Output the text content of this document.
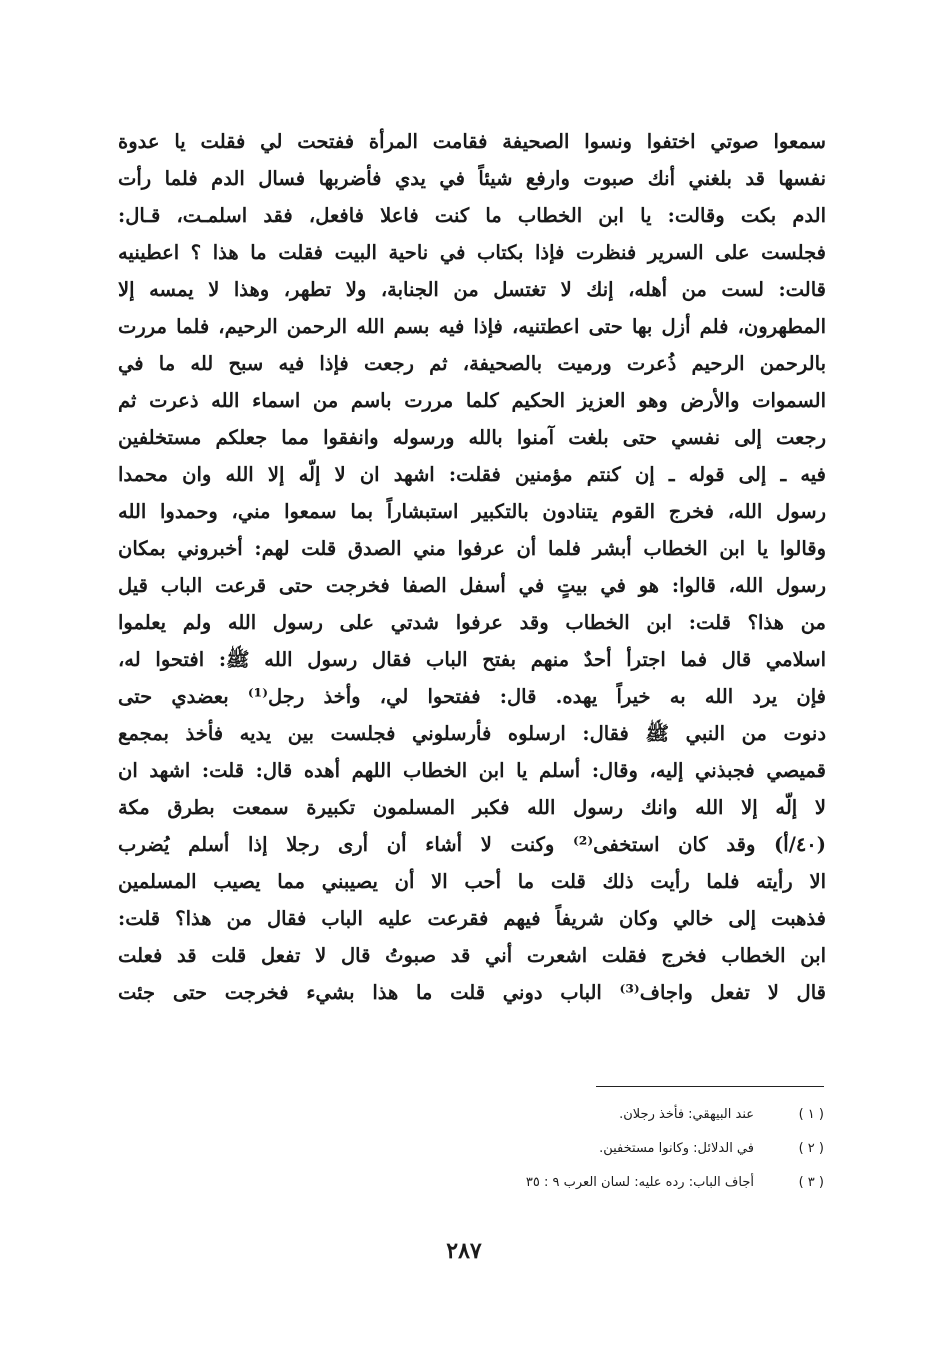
سمعوا صوتي اختفوا ونسوا الصحيفة فقامت المرأة ففتحت لي فقلت يا عدوة
نفسها قد بلغني أنك صبوت وارفع شيئاً في يدي فأضربها فسال الدم فلما رأت
الدم بكت وقالت: يا ابن الخطاب ما كنت فاعلا فافعل، فقد اسلمـت، قـال:
فجلست على السرير فنظرت فإذا بكتاب في ناحية البيت فقلت ما هذا ؟ اعطينيه
قالت: لست من أهله، إنك لا تغتسل من الجنابة، ولا تطهر، وهذا لا يمسه إلا
المطهرون، فلم أزل بها حتى اعطتنيه، فإذا فيه بسم الله الرحمن الرحيم، فلما مررت
بالرحمن الرحيم ذُعرت ورميت بالصحيفة، ثم رجعت فإذا فيه سبح لله ما في
السموات والأرض وهو العزيز الحكيم كلما مررت باسم من اسماء الله ذعرت ثم
رجعت إلى نفسي حتى بلغت آمنوا بالله ورسوله وانفقوا مما جعلكم مستخلفين
فيه ـ إلى قوله ـ إن كنتم مؤمنين فقلت: اشهد ان لا إلّه إلا الله وان محمدا
رسول الله، فخرج القوم يتنادون بالتكبير استبشاراً بما سمعوا مني، وحمدوا الله
وقالوا يا ابن الخطاب أبشر فلما أن عرفوا مني الصدق قلت لهم: أخبروني بمكان
رسول الله، قالوا: هو في بيتٍ في أسفل الصفا فخرجت حتى قرعت الباب قيل
من هذا؟ قلت: ابن الخطاب وقد عرفوا شدتي على رسول الله ولم يعلموا
اسلامي قال فما اجترأ أحدٌ منهم بفتح الباب فقال رسول الله ﷺ: افتحوا له،
فإن يرد الله به خيراً يهده. قال: ففتحوا لي، وأخذ رجل⁽¹⁾ بعضدي حتى
دنوت من النبي ﷺ فقال: ارسلوه فأرسلوني فجلست بين يديه فأخذ بمجمع
قميصي فجبذني إليه، وقال: أسلم يا ابن الخطاب اللهم أهده قال: قلت: اشهد ان
لا إلّه إلا الله وانك رسول الله فكبر المسلمون تكبيرة سمعت بطرق مكة
(٤٠/أ) وقد كان استخفى⁽²⁾ وكنت لا أشاء أن أرى رجلا إذا أسلم يُضرب
الا رأيته فلما رأيت ذلك قلت ما أحب الا أن يصيبني مما يصيب المسلمين
فذهبت إلى خالي وكان شريفاً فيهم فقرعت عليه الباب فقال من هذا؟ قلت:
ابن الخطاب فخرج فقلت اشعرت أني قد صبوتُ قال لا تفعل قلت قد فعلت
قال لا تفعل واجاف⁽³⁾ الباب دوني قلت ما هذا بشيء فخرجت حتى جئت
( ١ )
عند البيهقي: فأخذ رجلان.
( ٢ )
في الدلائل: وكانوا مستخفين.
( ٣ )
أجاف الباب: رده عليه: لسان العرب ٩ : ٣٥
٢٨٧
